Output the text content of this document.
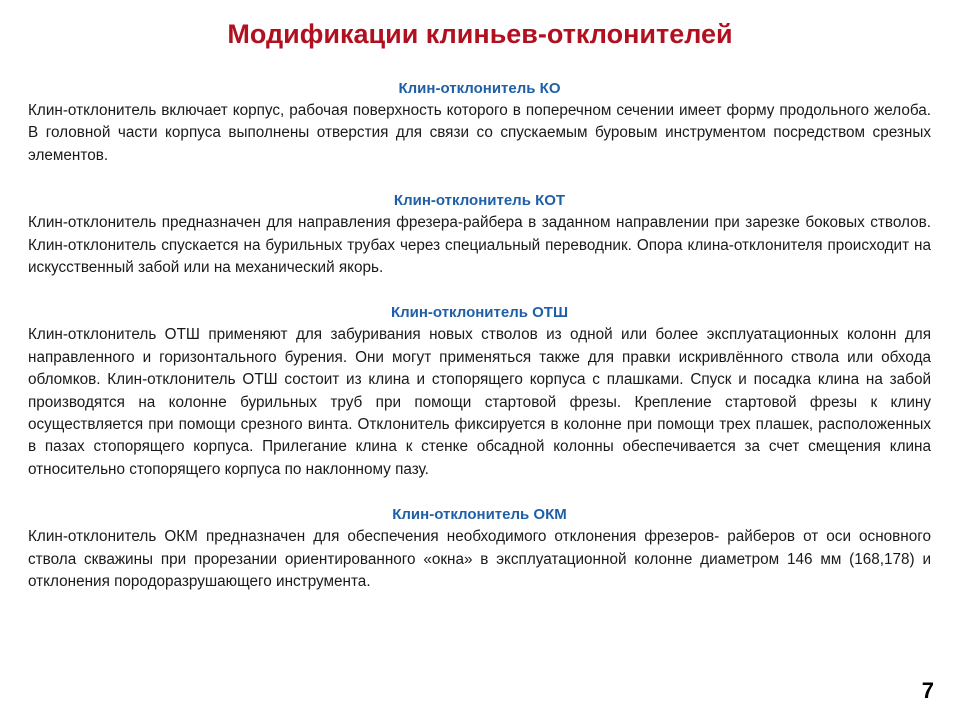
Модификации клиньев-отклонителей
Клин-отклонитель КО
Клин-отклонитель включает корпус, рабочая поверхность которого в поперечном сечении имеет форму продольного желоба. В головной части корпуса выполнены отверстия для связи со спускаемым буровым инструментом посредством срезных элементов.
Клин-отклонитель КОТ
Клин-отклонитель предназначен для направления фрезера-райбера в заданном направлении при зарезке боковых стволов. Клин-отклонитель спускается на бурильных трубах через специальный переводник. Опора клина-отклонителя происходит на искусственный забой или на механический якорь.
Клин-отклонитель ОТШ
Клин-отклонитель ОТШ применяют для забуривания новых стволов из одной или более эксплуатационных колонн для направленного и горизонтального бурения. Они могут применяться также для правки искривлённого ствола или обхода обломков. Клин-отклонитель ОТШ состоит из клина и стопорящего корпуса с плашками. Спуск и посадка клина на забой производятся на колонне бурильных труб при помощи стартовой фрезы. Крепление стартовой фрезы к клину осуществляется при помощи срезного винта. Отклонитель фиксируется в колонне при помощи трех плашек, расположенных в пазах стопорящего корпуса. Прилегание клина к стенке обсадной колонны обеспечивается за счет смещения клина относительно стопорящего корпуса по наклонному пазу.
Клин-отклонитель ОКМ
Клин-отклонитель ОКМ предназначен для обеспечения необходимого отклонения фрезеров- райберов от оси основного ствола скважины при прорезании ориентированного «окна» в эксплуатационной колонне диаметром 146 мм (168,178) и отклонения породоразрушающего инструмента.
7
